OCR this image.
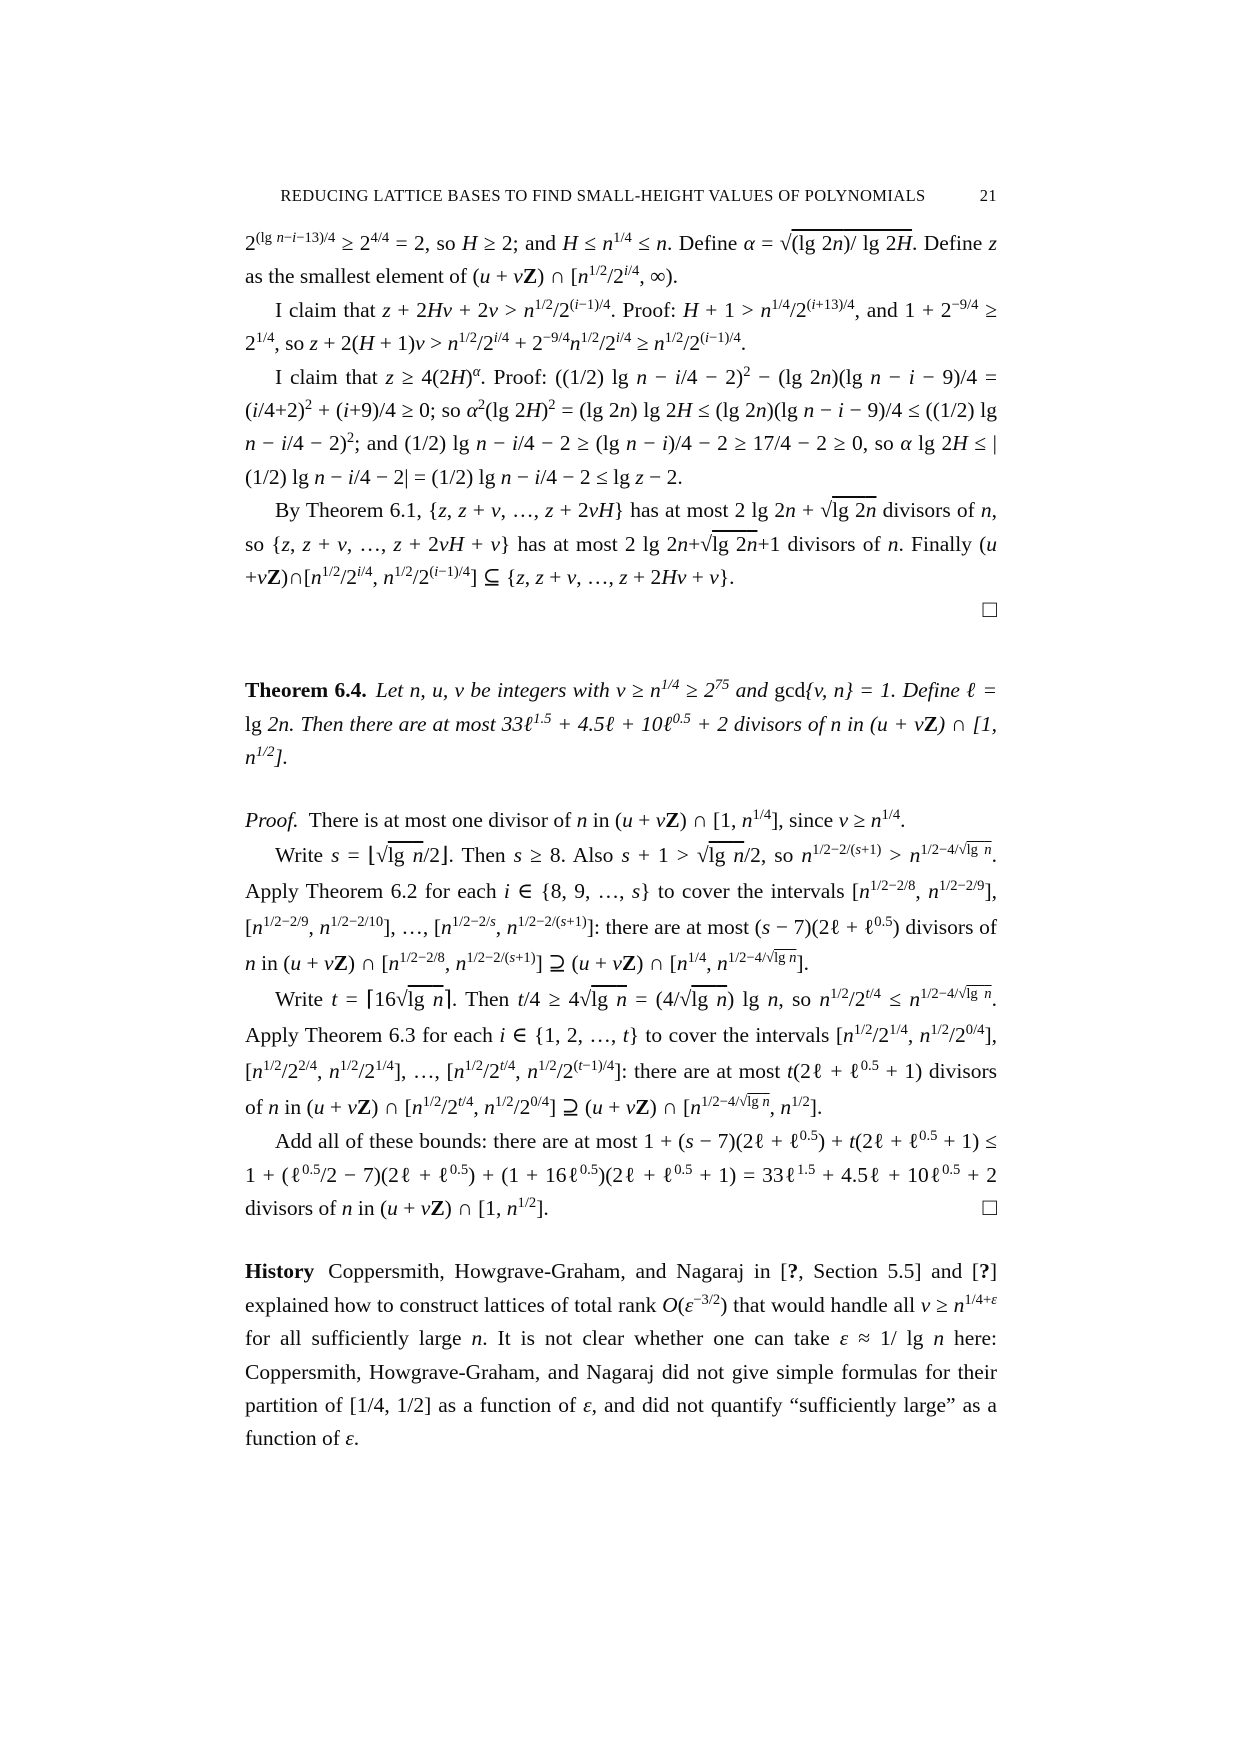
REDUCING LATTICE BASES TO FIND SMALL-HEIGHT VALUES OF POLYNOMIALS	21

$2^{(lg n-i-13)/4} \ge 2^{4/4} = 2$, so H ≥ 2; and $H \le n^{1/4} \le n$. Define α = √(lg 2n)/ lg 2H. Define z as the smallest element of (u + vZ) ∩ [$n^{1/2}/2^{i/4}$, ∞).

I claim that $z + 2Hv + 2v > n^{1/2}/2^{(i-1)/4}$. Proof: $H + 1 > n^{1/4}/2^{(i+13)/4}$, and $1 + 2^{-9/4} \ge 2^{1/4}$, so $z + 2(H + 1)v > n^{1/2}/2^{i/4} + 2^{-9/4}n^{1/2}/2^{i/4} \ge n^{1/2}/2^{(i-1)/4}$.

I claim that $z \ge 4(2H)^\alpha$. Proof: ((1/2) lg n − i/4 − 2)$^2$ − (lg 2n)(lg $n - i - 9)/4 = (i/4+2)^2 + (i+9)/4 \ge 0$; so $\alpha^2(\lg$ 2H)$^2$ = (lg 2n) lg 2H ≤ (lg 2n)(lg n − i − 9)/4 ≤ ((1/2) lg n − i/4 − 2)$^2$; and (1/2) lg n − i/4 − 2 ≥ (lg n − i)/4 − 2 ≥ 17/4 − 2 ≥ 0, so α lg 2H ≤ |(1/2) lg n − i/4 − 2| = (1/2) lg n − i/4 − 2 ≤ lg z − 2.

By Theorem 6.1, {z, z + v, …, z + 2vH} has at most 2 lg 2n + √lg 2n divisors of n, so {z, z + v, …, z + 2vH + v} has at most 2 lg 2n+√lg 2n+1 divisors of n. Finally $(u +vZ)\cap[n^{1/2}/2^{i/4}$, $n^{1/2}/2^{(i-1)/4}$] ⊆ {z, z + v, …, z + 2Hv + v}.

□

Theorem 6.4. Let n, u, v be integers with $v \ge n^{1/4} \ge 2^{75}$ and gcd{v, n} = 1. Define ℓ = lg 2n. Then there are at most 33ℓ$^{1.5}$ + 4.5ℓ + 10ℓ$^{0.5}$ + 2 divisors of n in (u + vZ) ∩ [1, $n^{1/2}$].

Proof. There is at most one divisor of n in (u + vZ) ∩ [1, $n^{1/4}$], since $v \ge n^{1/4}$.

Write s = ⌊√lg n/2⌋. Then s ≥ 8. Also s + 1 > √lg n/2, so $n^{1/2-2/(s+1)} > n^{1/2-4/√lg n}$. Apply Theorem 6.2 for each i ∈ {8, 9, …, s} to cover the intervals [$n^{1/2-2/8}$, $n^{1/2-2/9}$], [$n^{1/2-2/9}$, $n^{1/2-2/10}$], …, [$n^{1/2-2/s}$, $n^{1/2-2/(s+1)}$]: there are at most (s − 7)(2ℓ + ℓ$^{0.5}$) divisors of n in (u + vZ) ∩ [$n^{1/2-2/8}$, $n^{1/2-2/(s+1)}$] ⊇ (u + vZ) ∩ [$n^{1/4}$, $n^{1/2-4/√lg n}$].

Write t = ⌈16√lg n⌉. Then t/4 ≥ 4√lg n = (4/√lg n) lg n, so $n^{1/2}/2^{t/4} \le n^{1/2-4/√lg n}$. Apply Theorem 6.3 for each i ∈ {1, 2, …, t} to cover the intervals [$n^{1/2}/2^{1/4}$, $n^{1/2}/2^{0/4}$], [$n^{1/2}/2^{2/4}$, $n^{1/2}/2^{1/4}$], …, [$n^{1/2}/2^{t/4}$, $n^{1/2}/2^{(t-1)/4}$]: there are at most t(2ℓ + ℓ$^{0.5}$ + 1) divisors of n in (u + vZ) ∩ [$n^{1/2}/2^{t/4}$, $n^{1/2}/2^{0/4}$] ⊇ (u + vZ) ∩ [$n^{1/2-4/√lg n}$, $n^{1/2}$].

Add all of these bounds: there are at most 1 + (s − 7)(2ℓ + ℓ$^{0.5}$) + t(2ℓ + ℓ$^{0.5}$ + 1) ≤ 1 + (ℓ$^{0.5}$/2 − 7)(2ℓ + ℓ$^{0.5}$) + (1 + 16ℓ$^{0.5}$)(2ℓ + ℓ$^{0.5}$ + 1) = 33ℓ$^{1.5}$ + 4.5ℓ + 10ℓ$^{0.5}$ + 2 divisors of n in (u + vZ) ∩ [1, $n^{1/2}$].	□

History Coppersmith, Howgrave-Graham, and Nagaraj in [?, Section 5.5] and [?] explained how to construct lattices of total rank $O(\varepsilon^{-3/2})$ that would handle all $v \ge n^{1/4+\varepsilon}$ for all sufficiently large n. It is not clear whether one can take ε ≈ 1/ lg n here: Coppersmith, Howgrave-Graham, and Nagaraj did not give simple formulas for their partition of [1/4, 1/2] as a function of ε, and did not quantify “sufficiently large” as a function of ε.
